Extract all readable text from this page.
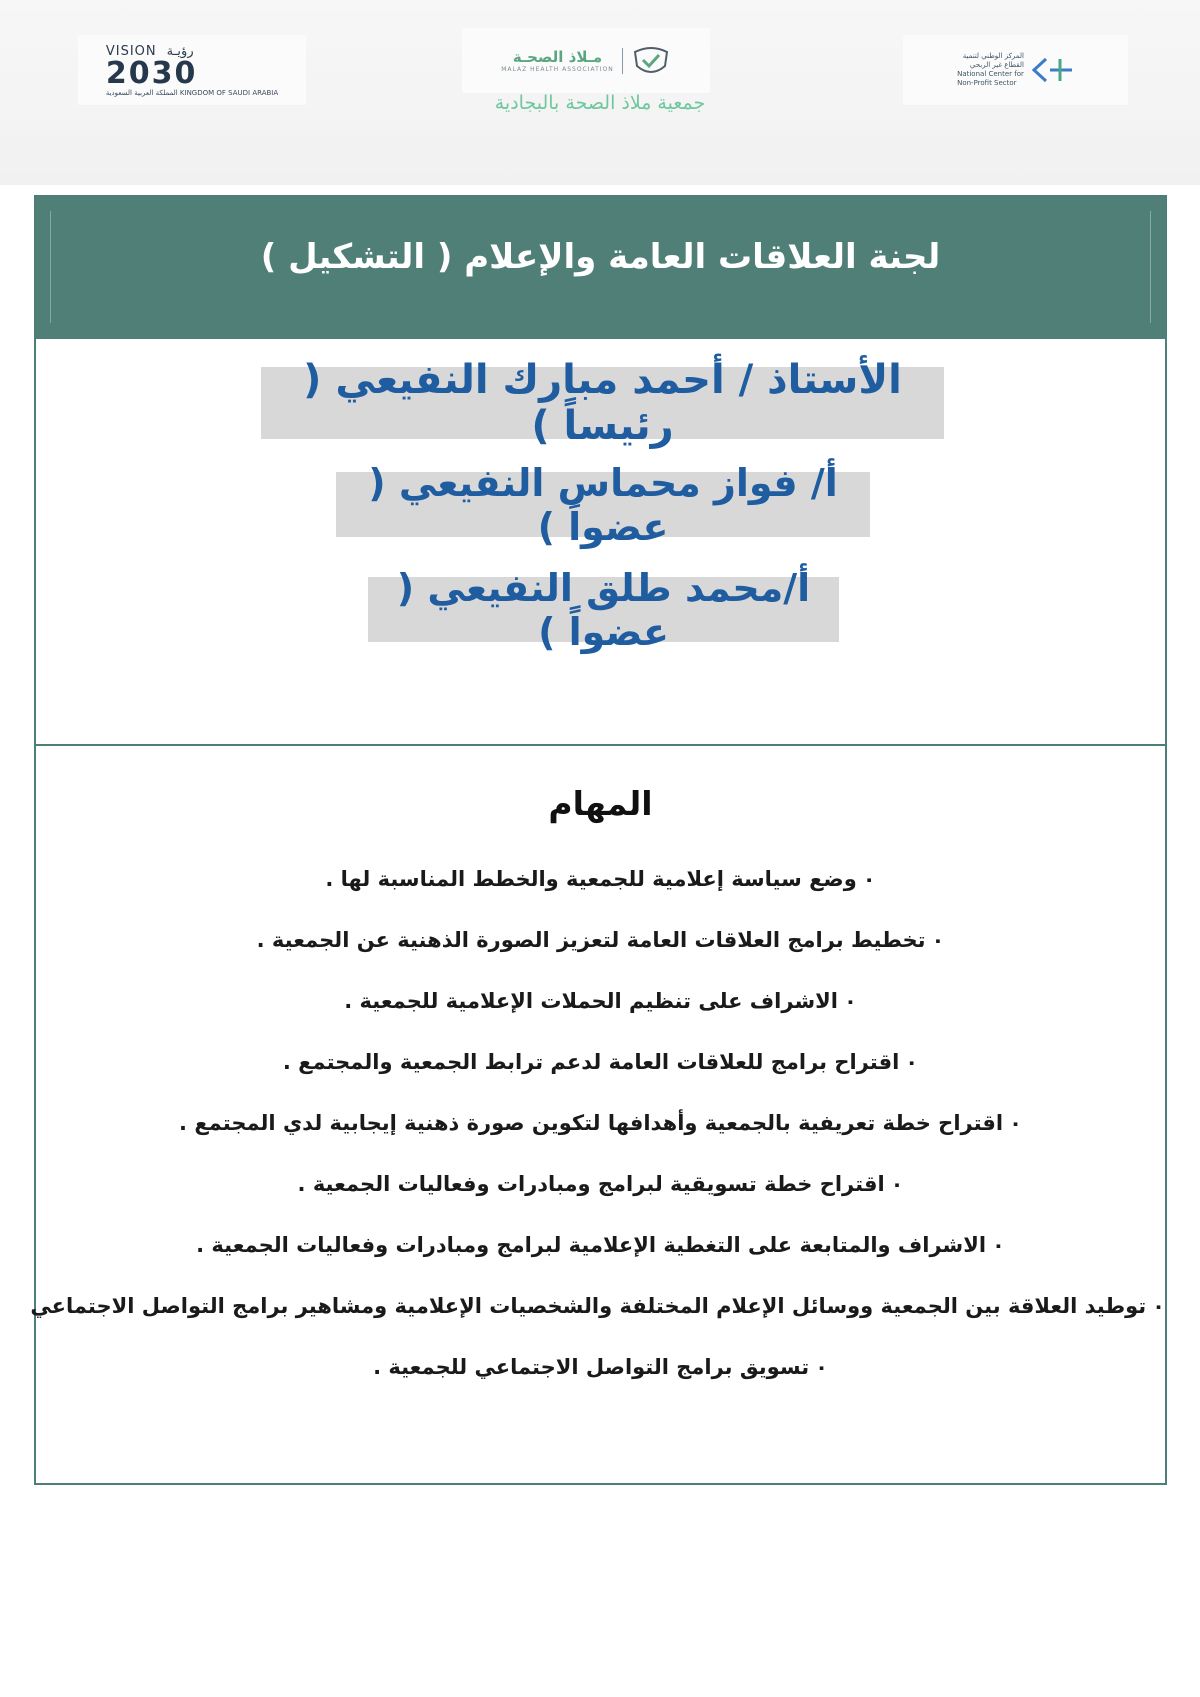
VISION رؤيـة
2030
المملكة العربية السعودية KINGDOM OF SAUDI ARABIA
مـلاذ الصحـة
MALAZ HEALTH ASSOCIATION
المركز الوطني لتنمية
القطاع غير الربحي
National Center for
Non-Profit Sector
جمعية ملاذ الصحة بالبجادية
لجنة العلاقات العامة والإعلام ( التشكيل )
الأستاذ / أحمد مبارك النفيعي ( رئيساً )
أ/ فواز محماس النفيعي ( عضواً )
أ/محمد طلق النفيعي ( عضواً )
المهام
٠وضع سياسة إعلامية للجمعية والخطط المناسبة لها .
٠تخطيط برامج العلاقات العامة لتعزيز الصورة الذهنية عن الجمعية .
٠الاشراف على تنظيم الحملات الإعلامية للجمعية .
٠اقتراح برامج للعلاقات العامة لدعم ترابط الجمعية والمجتمع .
٠اقتراح خطة تعريفية بالجمعية وأهدافها لتكوين صورة ذهنية إيجابية لدي المجتمع .
٠اقتراح خطة تسويقية لبرامج ومبادرات وفعاليات الجمعية .
٠الاشراف والمتابعة على التغطية الإعلامية لبرامج ومبادرات وفعاليات الجمعية .
٠توطيد العلاقة بين الجمعية ووسائل الإعلام المختلفة والشخصيات الإعلامية ومشاهير برامج التواصل الاجتماعي
٠تسويق برامج التواصل الاجتماعي للجمعية .
